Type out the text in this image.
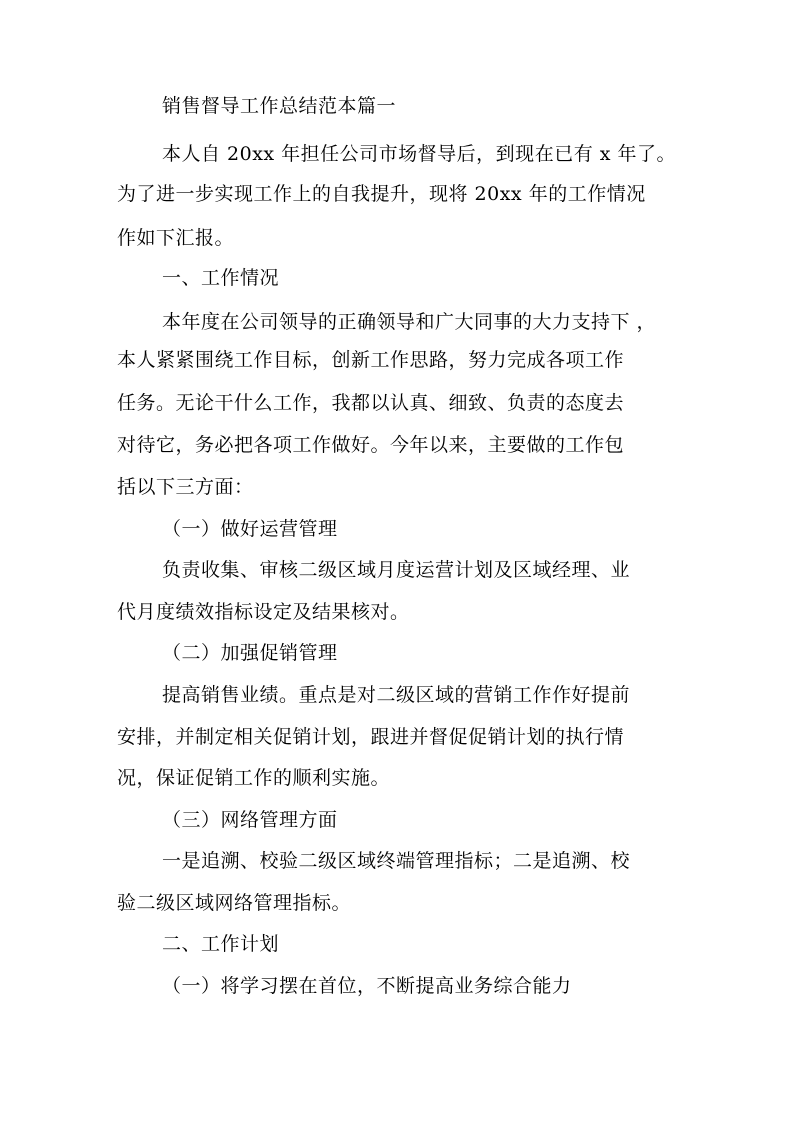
销售督导工作总结范本篇一
本人自 20xx 年担任公司市场督导后，到现在已有 x 年了。
为了进一步实现工作上的自我提升，现将 20xx 年的工作情况
作如下汇报。
一、工作情况
本年度在公司领导的正确领导和广大同事的大力支持下 ，
本人紧紧围绕工作目标，创新工作思路，努力完成各项工作
任务。无论干什么工作，我都以认真、细致、负责的态度去
对待它，务必把各项工作做好。今年以来，主要做的工作包
括以下三方面：
（一）做好运营管理
负责收集、审核二级区域月度运营计划及区域经理、业
代月度绩效指标设定及结果核对。
（二）加强促销管理
提高销售业绩。重点是对二级区域的营销工作作好提前
安排，并制定相关促销计划，跟进并督促促销计划的执行情
况，保证促销工作的顺利实施。
（三）网络管理方面
一是追溯、校验二级区域终端管理指标；二是追溯、校
验二级区域网络管理指标。
二、工作计划
（一）将学习摆在首位，不断提高业务综合能力
